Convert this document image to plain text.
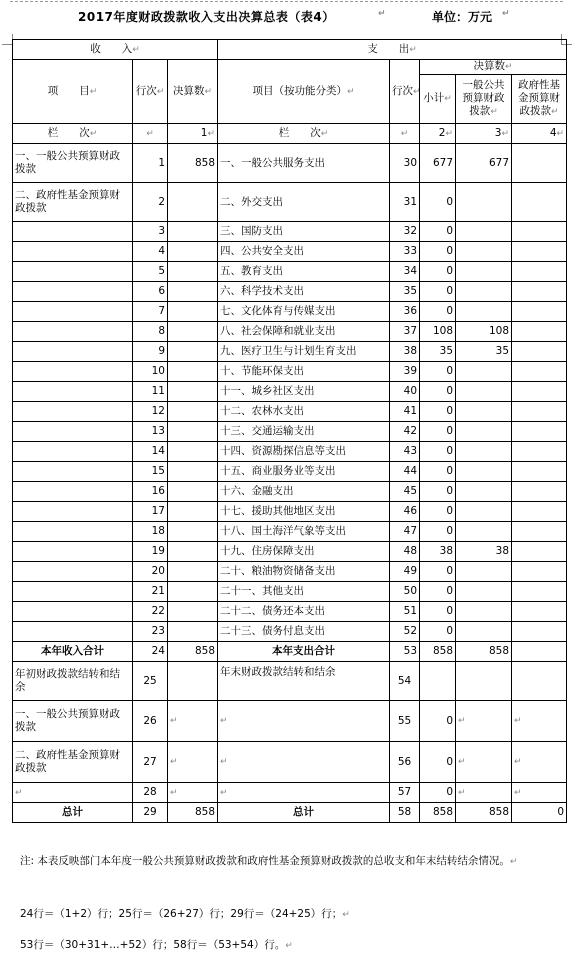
2017年度财政拨款收入支出决算总表（表4）	↵	单位：万元 ↵
收　　入↵			支　　出↵				
项　　目↵	行次↵	决算数↵	项目（按功能分类）↵	行次↵	决算数↵		
					小计↵	一般公共预算财政拨款↵	政府性基金预算财政拨款↵
栏　　次↵	↵	1↵	栏　　次↵	↵	2↵	3↵	4↵
一、一般公共预算财政拨款	1	858	一、一般公共服务支出	30	677	677	
二、政府性基金预算财政拨款	2		二、外交支出	31	0		
	3		三、国防支出	32	0		
	4		四、公共安全支出	33	0		
	5		五、教育支出	34	0		
	6		六、科学技术支出	35	0		
	7		七、文化体育与传媒支出	36	0		
	8		八、社会保障和就业支出	37	108	108	
	9		九、医疗卫生与计划生育支出	38	35	35	
	10		十、节能环保支出	39	0		
	11		十一、城乡社区支出	40	0		
	12		十二、农林水支出	41	0		
	13		十三、交通运输支出	42	0		
	14		十四、资源勘探信息等支出	43	0		
	15		十五、商业服务业等支出	44	0		
	16		十六、金融支出	45	0		
	17		十七、援助其他地区支出	46	0		
	18		十八、国土海洋气象等支出	47	0		
	19		十九、住房保障支出	48	38	38	
	20		二十、粮油物资储备支出	49	0		
	21		二十一、其他支出	50	0		
	22		二十二、债务还本支出	51	0		
	23		二十三、债务付息支出	52	0		
本年收入合计	24	858	本年支出合计	53	858	858	
年初财政拨款结转和结余	25		年末财政拨款结转和结余	54			
一、一般公共预算财政拨款	26	↵	↵	55	0	↵	↵
二、政府性基金预算财政拨款	27	↵	↵	56	0	↵	↵
↵	28	↵	↵	57	0	↵	↵
总计	29	858	总计	58	858	858	0

注: 本表反映部门本年度一般公共预算财政拨款和政府性基金预算财政拨款的总收支和年末结转结余情况。↵

24行＝（1+2）行；25行＝（26+27）行；29行＝（24+25）行；↵
53行＝（30+31+…+52）行；58行＝（53+54）行。↵
